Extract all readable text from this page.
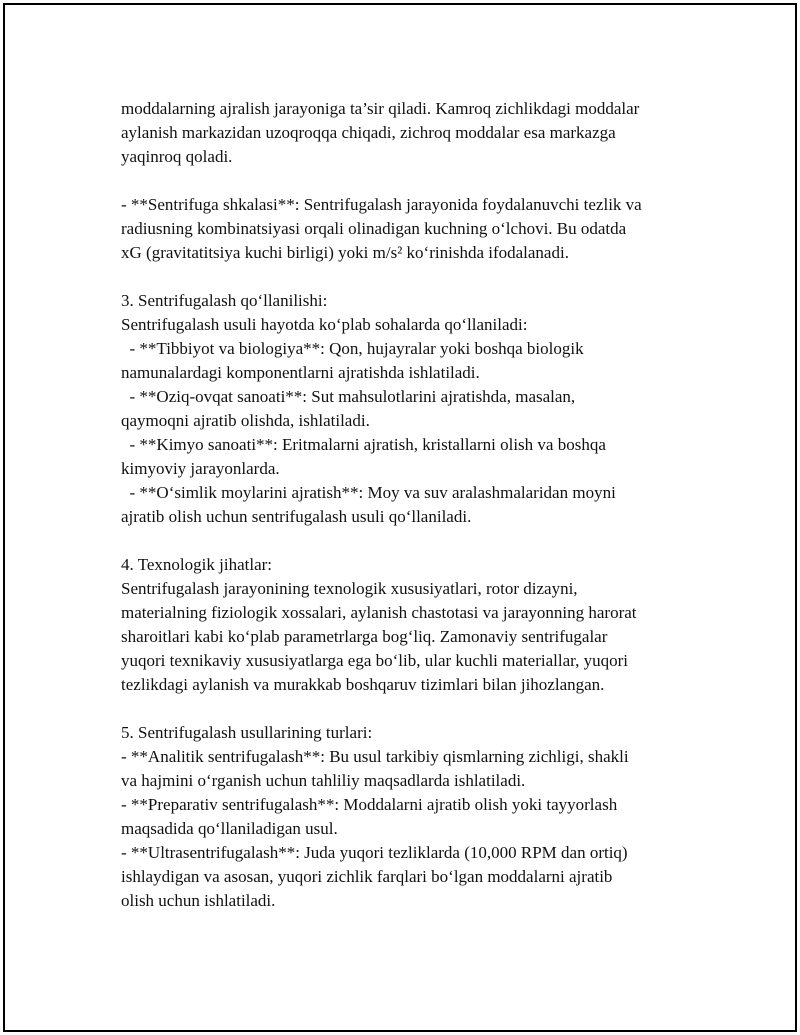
moddalarning ajralish jarayoniga ta’sir qiladi. Kamroq zichlikdagi moddalar
aylanish markazidan uzoqroqqa chiqadi, zichroq moddalar esa markazga
yaqinroq qoladi.
- **Sentrifuga shkalasi**: Sentrifugalash jarayonida foydalanuvchi tezlik va
radiusning kombinatsiyasi orqali olinadigan kuchning o‘lchovi. Bu odatda
xG (gravitatitsiya kuchi birligi) yoki m/s² ko‘rinishda ifodalanadi.
3. Sentrifugalash qo‘llanilishi:
Sentrifugalash usuli hayotda ko‘plab sohalarda qo‘llaniladi:
- **Tibbiyot va biologiya**: Qon, hujayralar yoki boshqa biologik
namunalardagi komponentlarni ajratishda ishlatiladi.
- **Oziq-ovqat sanoati**: Sut mahsulotlarini ajratishda, masalan,
qaymoqni ajratib olishda, ishlatiladi.
- **Kimyo sanoati**: Eritmalarni ajratish, kristallarni olish va boshqa
kimyoviy jarayonlarda.
- **O‘simlik moylarini ajratish**: Moy va suv aralashmalaridan moyni
ajratib olish uchun sentrifugalash usuli qo‘llaniladi.
4. Texnologik jihatlar:
Sentrifugalash jarayonining texnologik xususiyatlari, rotor dizayni,
materialning fiziologik xossalari, aylanish chastotasi va jarayonning harorat
sharoitlari kabi ko‘plab parametrlarga bog‘liq. Zamonaviy sentrifugalar
yuqori texnikaviy xususiyatlarga ega bo‘lib, ular kuchli materiallar, yuqori
tezlikdagi aylanish va murakkab boshqaruv tizimlari bilan jihozlangan.
5. Sentrifugalash usullarining turlari:
- **Analitik sentrifugalash**: Bu usul tarkibiy qismlarning zichligi, shakli
va hajmini o‘rganish uchun tahliliy maqsadlarda ishlatiladi.
- **Preparativ sentrifugalash**: Moddalarni ajratib olish yoki tayyorlash
maqsadida qo‘llaniladigan usul.
- **Ultrasentrifugalash**: Juda yuqori tezliklarda (10,000 RPM dan ortiq)
ishlaydigan va asosan, yuqori zichlik farqlari bo‘lgan moddalarni ajratib
olish uchun ishlatiladi.
